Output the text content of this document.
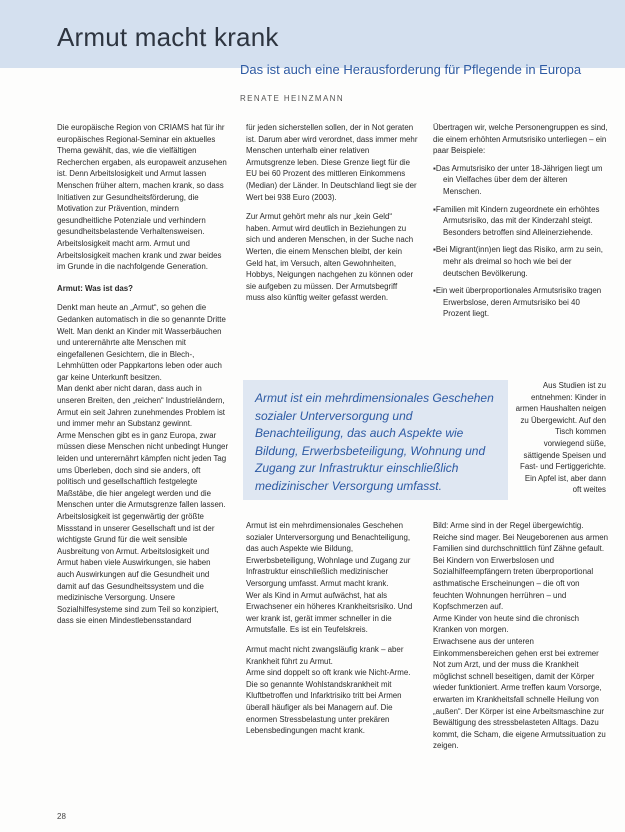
Armut macht krank
Das ist auch eine Herausforderung für Pflegende in Europa
RENATE HEINZMANN

Die europäische Region von CRIAMS hat für ihr europäisches Regional-Seminar ein aktuelles Thema gewählt, das, wie die vielfältigen Recherchen ergaben, als europaweit anzusehen ist. Denn Arbeitslosigkeit und Armut lassen Menschen früher altern, machen krank, so dass Initiativen zur Gesundheitsförderung, die Motivation zur Prävention, mindern gesundheitliche Potenziale und verhindern gesundheitsbelastende Verhaltensweisen. Arbeitslosigkeit macht arm. Armut und Arbeitslosigkeit machen krank und zwar beides im Grunde in die nachfolgende Generation.

Armut: Was ist das?

Denkt man heute an „Armut“, so gehen die Gedanken automatisch in die so genannte Dritte Welt. Man denkt an Kinder mit Wasserbäuchen und unterernährte alte Menschen mit eingefallenen Gesichtern, die in Blech-, Lehmhütten oder Pappkartons leben oder auch gar keine Unterkunft besitzen.

Man denkt aber nicht daran, dass auch in unseren Breiten, den „reichen“ Industrieländern, Armut ein seit Jahren zunehmendes Problem ist und immer mehr an Substanz gewinnt.

Arme Menschen gibt es in ganz Europa, zwar müssen diese Menschen nicht unbedingt Hunger leiden und unterernährt kämpfen nicht jeden Tag ums Überleben, doch sind sie anders, oft politisch und gesellschaftlich festgelegte Maßstäbe, die hier angelegt werden und die Menschen unter die Armutsgrenze fallen lassen.

Arbeitslosigkeit ist gegenwärtig der größte Missstand in unserer Gesellschaft und ist der wichtigste Grund für die weit sensible Ausbreitung von Armut. Arbeitslosigkeit und Armut haben viele Auswirkungen, sie haben auch Auswirkungen auf die Gesundheit und damit auf das Gesundheitssystem und die medizinische Versorgung. Unsere Sozialhilfesysteme sind zum Teil so konzipiert, dass sie einen Mindestlebensstandard

für jeden sicherstellen sollen, der in Not geraten ist. Darum aber wird verordnet, dass immer mehr Menschen unterhalb einer relativen Armutsgrenze leben. Diese Grenze liegt für die EU bei 60 Prozent des mittleren Einkommens (Median) der Länder. In Deutschland liegt sie der Wert bei 938 Euro (2003).

Zur Armut gehört mehr als nur „kein Geld“ haben. Armut wird deutlich in Beziehungen zu sich und anderen Menschen, in der Suche nach Werten, die einem Menschen bleibt, der kein Geld hat, im Versuch, alten Gewohnheiten, Hobbys, Neigungen nachgehen zu können oder sie aufgeben zu müssen. Der Armutsbegriff muss also künftig weiter gefasst werden.

Übertragen wir, welche Personengruppen es sind, die einem erhöhten Armutsrisiko unterliegen – ein paar Beispiele:

▪ Das Armutsrisiko der unter 18-Jährigen liegt um ein Vielfaches über dem der älteren Menschen.

▪ Familien mit Kindern zugeordnete ein erhöhtes Armutsrisiko, das mit der Kinderzahl steigt. Besonders betroffen sind Alleinerziehende.

▪ Bei Migrant(inn)en liegt das Risiko, arm zu sein, mehr als dreimal so hoch wie bei der deutschen Bevölkerung.

▪ Ein weit überproportionales Armutsrisiko tragen Erwerbslose, deren Armutsrisiko bei 40 Prozent liegt.

Armut ist ein mehrdimensionales Geschehen sozialer Unterversorgung und Benachteiligung, das auch Aspekte wie Bildung, Erwerbsbeteiligung, Wohnung und Zugang zur Infrastruktur einschließlich medizinischer Versorgung umfasst.

Aus Studien ist zu entnehmen: Kinder in armen Haushalten neigen zu Übergewicht. Auf den Tisch kommen vorwiegend süße, sättigende Speisen und Fast- und Fertiggerichte. Ein Apfel ist, aber dann oft weites

Armut ist ein mehrdimensionales Geschehen sozialer Unterversorgung und Benachteiligung, das auch Aspekte wie Bildung, Erwerbsbeteiligung, Wohnlage und Zugang zur Infrastruktur einschließlich medizinischer Versorgung umfasst. Armut macht krank.

Wer als Kind in Armut aufwächst, hat als Erwachsener ein höheres Krankheitsrisiko. Und wer krank ist, gerät immer schneller in die Armutsfalle. Es ist ein Teufelskreis.

Armut macht nicht zwangsläufig krank – aber Krankheit führt zu Armut.

Arme sind doppelt so oft krank wie Nicht-Arme. Die so genannte Wohlstandskrankheit mit Kluftbetroffen und Infarktrisiko tritt bei Armen überall häufiger als bei Managern auf. Die enormen Stressbelastung unter prekären Lebensbedingungen macht krank.

Bild: Arme sind in der Regel übergewichtig. Reiche sind mager. Bei Neugeborenen aus armen Familien sind durchschnittlich fünf Zähne gefault. Bei Kindern von Erwerbslosen und Sozialhilfeempfängern treten überproportional asthmatische Erscheinungen – die oft von feuchten Wohnungen herrühren – und Kopfschmerzen auf.

Arme Kinder von heute sind die chronisch Kranken von morgen.

Erwachsene aus der unteren Einkommensbereichen gehen erst bei extremer Not zum Arzt, und der muss die Krankheit möglichst schnell beseitigen, damit der Körper wieder funktioniert. Arme treffen kaum Vorsorge, erwarten im Krankheitsfall schnelle Heilung von „außen“. Der Körper ist eine Arbeitsmaschine zur Bewältigung des stressbelasteten Alltags. Dazu kommt, die Scham, die eigene Armutssituation zu zeigen.

28
